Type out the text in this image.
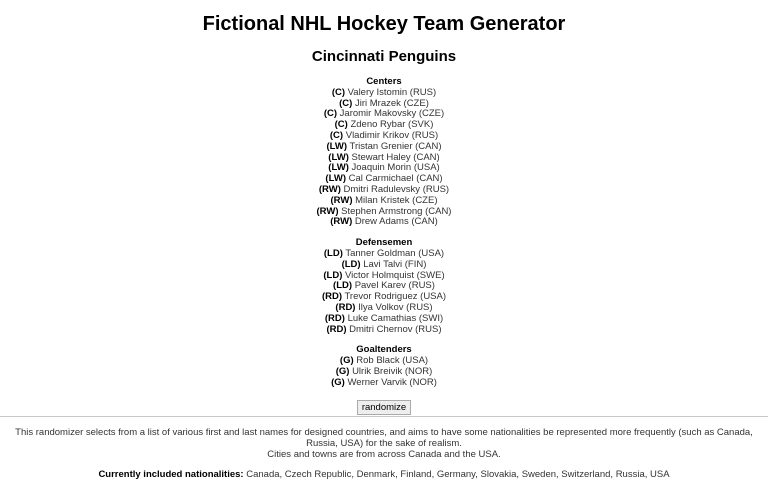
Fictional NHL Hockey Team Generator
Cincinnati Penguins
Centers
(C) Valery Istomin (RUS)
(C) Jiri Mrazek (CZE)
(C) Jaromir Makovsky (CZE)
(C) Zdeno Rybar (SVK)
(C) Vladimir Krikov (RUS)
(LW) Tristan Grenier (CAN)
(LW) Stewart Haley (CAN)
(LW) Joaquin Morin (USA)
(LW) Cal Carmichael (CAN)
(RW) Dmitri Radulevsky (RUS)
(RW) Milan Kristek (CZE)
(RW) Stephen Armstrong (CAN)
(RW) Drew Adams (CAN)
Defensemen
(LD) Tanner Goldman (USA)
(LD) Lavi Talvi (FIN)
(LD) Victor Holmquist (SWE)
(LD) Pavel Karev (RUS)
(RD) Trevor Rodriguez (USA)
(RD) Ilya Volkov (RUS)
(RD) Luke Camathias (SWI)
(RD) Dmitri Chernov (RUS)
Goaltenders
(G) Rob Black (USA)
(G) Ulrik Breivik (NOR)
(G) Werner Varvik (NOR)
randomize
This randomizer selects from a list of various first and last names for designed countries, and aims to have some nationalities be represented more frequently (such as Canada, Russia, USA) for the sake of realism.
Cities and towns are from across Canada and the USA.
Currently included nationalities: Canada, Czech Republic, Denmark, Finland, Germany, Slovakia, Sweden, Switzerland, Russia, USA
